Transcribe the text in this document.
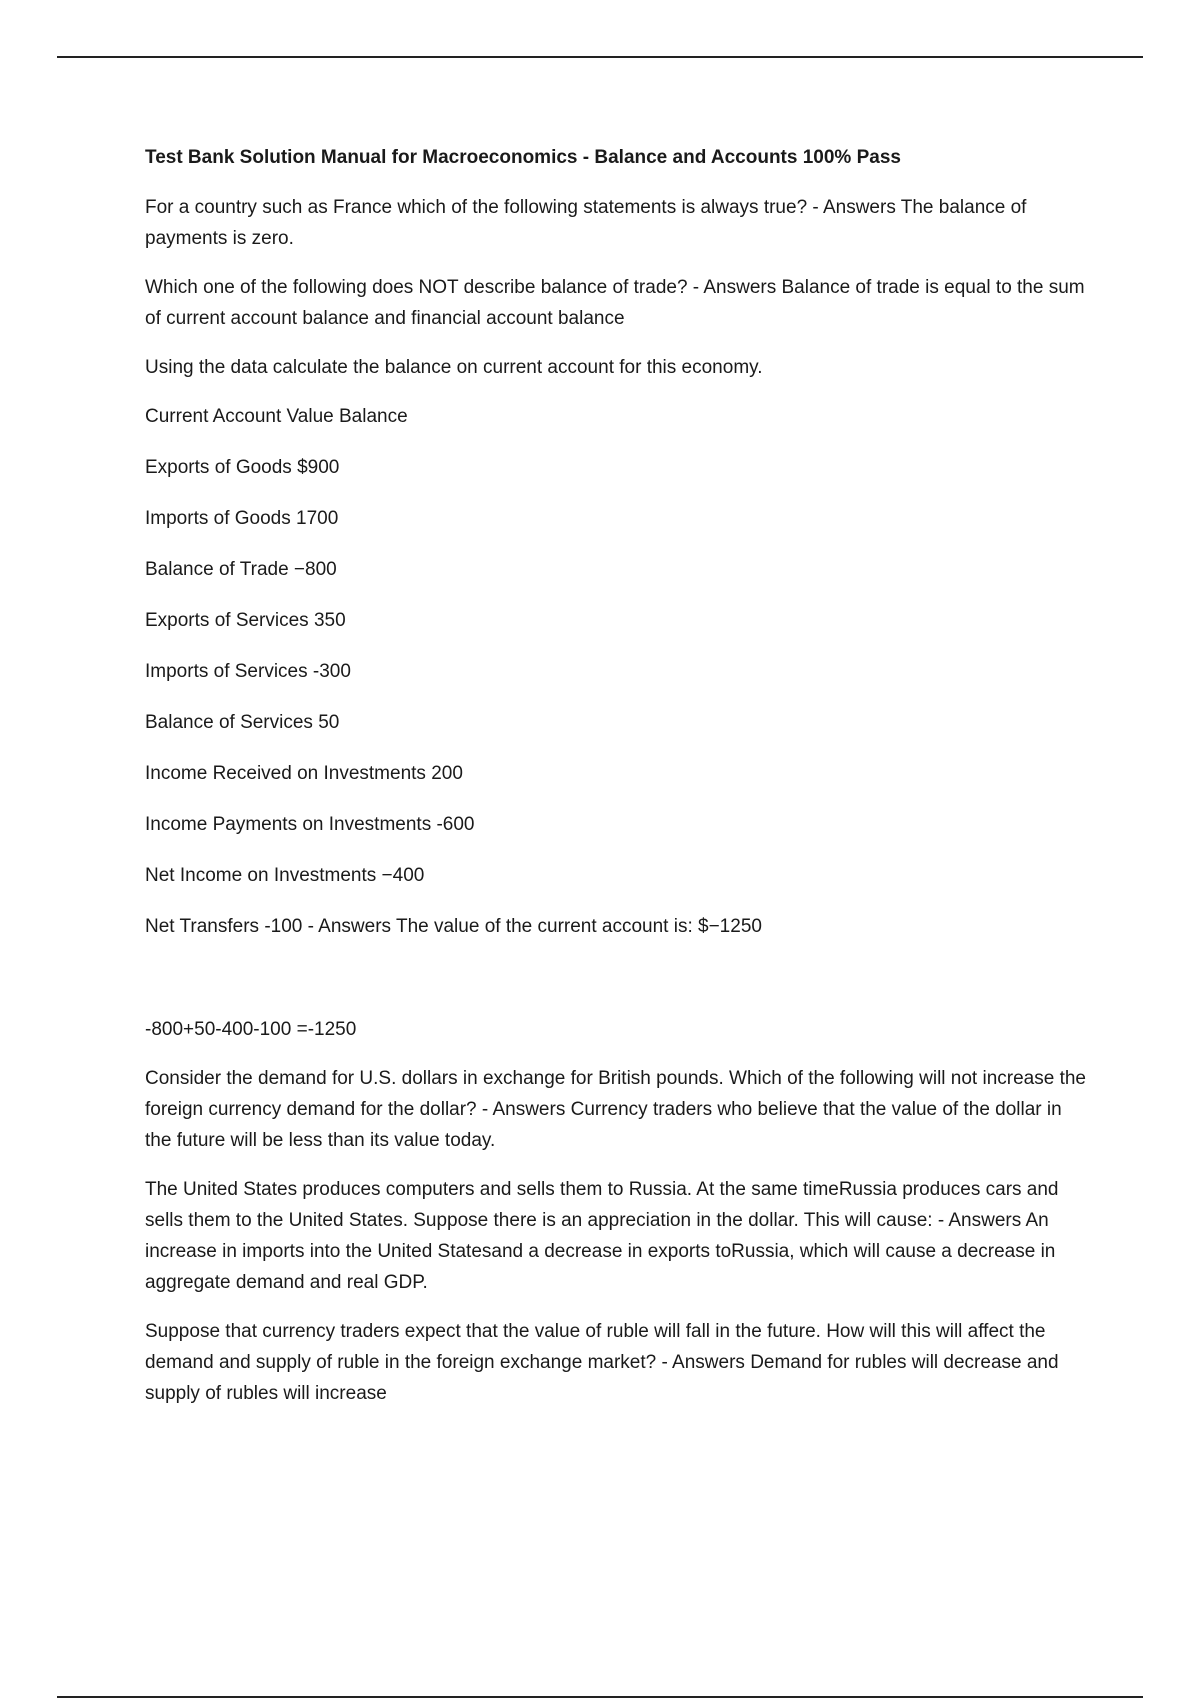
Test Bank Solution Manual for Macroeconomics - Balance and Accounts 100% Pass

For a country such as France which of the following statements is always true? - Answers The balance of payments is zero.

Which one of the following does NOT describe balance of trade? - Answers Balance of trade is equal to the sum of current account balance and financial account balance

Using the data calculate the balance on current account for this economy.

Current Account Value Balance
Exports of Goods $900
Imports of Goods 1700
Balance of Trade −800
Exports of Services 350
Imports of Services -300
Balance of Services 50
Income Received on Investments 200
Income Payments on Investments -600
Net Income on Investments −400
Net Transfers -100 - Answers The value of the current account is: $−1250

-800+50-400-100 =-1250

Consider the demand for U.S. dollars in exchange for British pounds. Which of the following will not increase the foreign currency demand for the dollar? - Answers Currency traders who believe that the value of the dollar in the future will be less than its value today.

The United States produces computers and sells them to Russia. At the same timeRussia produces cars and sells them to the United States. Suppose there is an appreciation in the dollar. This will cause: - Answers An increase in imports into the United Statesand a decrease in exports toRussia, which will cause a decrease in aggregate demand and real GDP.

Suppose that currency traders expect that the value of ruble will fall in the future. How will this will affect the demand and supply of ruble in the foreign exchange market? - Answers Demand for rubles will decrease and supply of rubles will increase
